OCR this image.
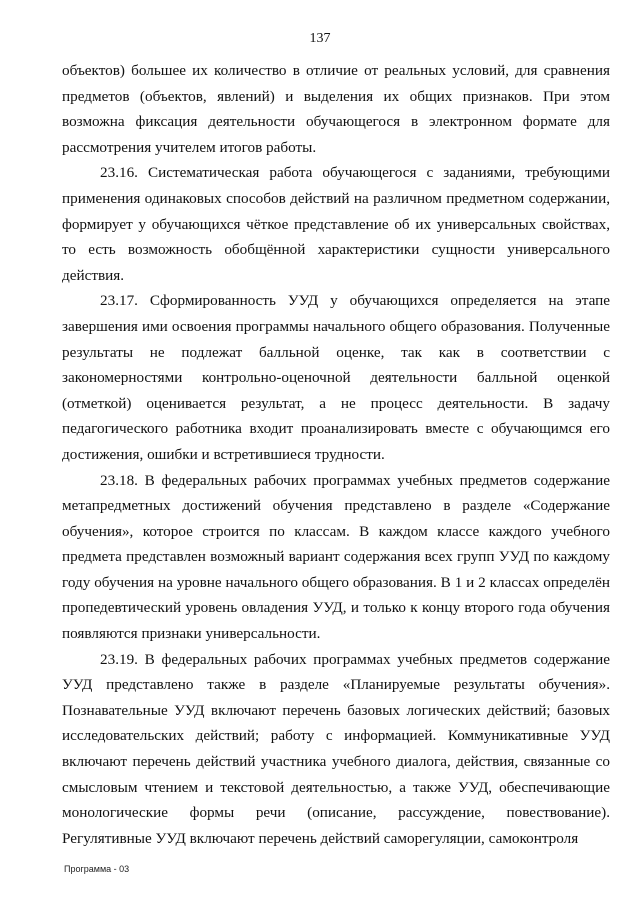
137

объектов) большее их количество в отличие от реальных условий, для сравнения предметов (объектов, явлений) и выделения их общих признаков. При этом возможна фиксация деятельности обучающегося в электронном формате для рассмотрения учителем итогов работы.

23.16. Систематическая работа обучающегося с заданиями, требующими применения одинаковых способов действий на различном предметном содержании, формирует у обучающихся чёткое представление об их универсальных свойствах, то есть возможность обобщённой характеристики сущности универсального действия.

23.17. Сформированность УУД у обучающихся определяется на этапе завершения ими освоения программы начального общего образования. Полученные результаты не подлежат балльной оценке, так как в соответствии с закономерностями контрольно-оценочной деятельности балльной оценкой (отметкой) оценивается результат, а не процесс деятельности. В задачу педагогического работника входит проанализировать вместе с обучающимся его достижения, ошибки и встретившиеся трудности.

23.18. В федеральных рабочих программах учебных предметов содержание метапредметных достижений обучения представлено в разделе «Содержание обучения», которое строится по классам. В каждом классе каждого учебного предмета представлен возможный вариант содержания всех групп УУД по каждому году обучения на уровне начального общего образования. В 1 и 2 классах определён пропедевтический уровень овладения УУД, и только к концу второго года обучения появляются признаки универсальности.

23.19. В федеральных рабочих программах учебных предметов содержание УУД представлено также в разделе «Планируемые результаты обучения». Познавательные УУД включают перечень базовых логических действий; базовых исследовательских действий; работу с информацией. Коммуникативные УУД включают перечень действий участника учебного диалога, действия, связанные со смысловым чтением и текстовой деятельностью, а также УУД, обеспечивающие монологические формы речи (описание, рассуждение, повествование). Регулятивные УУД включают перечень действий саморегуляции, самоконтроля

Программа - 03
